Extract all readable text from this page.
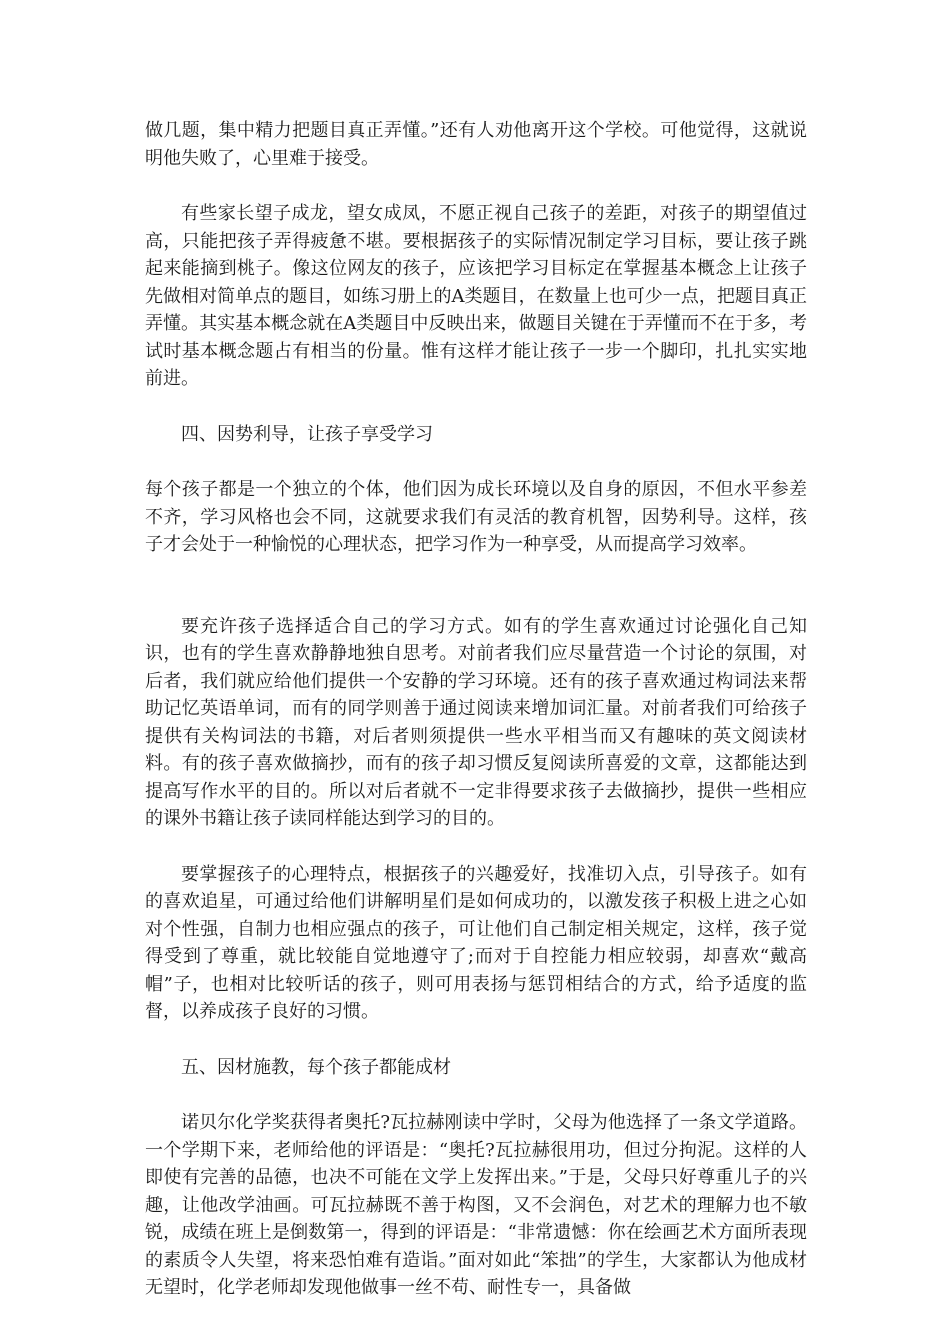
做几题，集中精力把题目真正弄懂。”还有人劝他离开这个学校。可他觉得，这就说明他失败了，心里难于接受。

有些家长望子成龙，望女成凤，不愿正视自己孩子的差距，对孩子的期望值过高，只能把孩子弄得疲惫不堪。要根据孩子的实际情况制定学习目标，要让孩子跳起来能摘到桃子。像这位网友的孩子，应该把学习目标定在掌握基本概念上让孩子先做相对简单点的题目，如练习册上的A类题目，在数量上也可少一点，把题目真正弄懂。其实基本概念就在A类题目中反映出来，做题目关键在于弄懂而不在于多，考试时基本概念题占有相当的份量。惟有这样才能让孩子一步一个脚印，扎扎实实地前进。

四、因势利导，让孩子享受学习

每个孩子都是一个独立的个体，他们因为成长环境以及自身的原因，不但水平参差不齐，学习风格也会不同，这就要求我们有灵活的教育机智，因势利导。这样，孩子才会处于一种愉悦的心理状态，把学习作为一种享受，从而提高学习效率。

要充许孩子选择适合自己的学习方式。如有的学生喜欢通过讨论强化自己知识，也有的学生喜欢静静地独自思考。对前者我们应尽量营造一个讨论的氛围，对后者，我们就应给他们提供一个安静的学习环境。还有的孩子喜欢通过构词法来帮助记忆英语单词，而有的同学则善于通过阅读来增加词汇量。对前者我们可给孩子提供有关构词法的书籍，对后者则须提供一些水平相当而又有趣味的英文阅读材料。有的孩子喜欢做摘抄，而有的孩子却习惯反复阅读所喜爱的文章，这都能达到提高写作水平的目的。所以对后者就不一定非得要求孩子去做摘抄，提供一些相应的课外书籍让孩子读同样能达到学习的目的。

要掌握孩子的心理特点，根据孩子的兴趣爱好，找准切入点，引导孩子。如有的喜欢追星，可通过给他们讲解明星们是如何成功的，以激发孩子积极上进之心如对个性强，自制力也相应强点的孩子，可让他们自己制定相关规定，这样，孩子觉得受到了尊重，就比较能自觉地遵守了;而对于自控能力相应较弱，却喜欢“戴高帽”子，也相对比较听话的孩子，则可用表扬与惩罚相结合的方式，给予适度的监督，以养成孩子良好的习惯。

五、因材施教，每个孩子都能成材

诺贝尔化学奖获得者奥托?瓦拉赫刚读中学时，父母为他选择了一条文学道路。一个学期下来，老师给他的评语是：“奥托?瓦拉赫很用功，但过分拘泥。这样的人即使有完善的品德，也决不可能在文学上发挥出来。”于是，父母只好尊重儿子的兴趣，让他改学油画。可瓦拉赫既不善于构图，又不会润色，对艺术的理解力也不敏锐，成绩在班上是倒数第一，得到的评语是：“非常遗憾：你在绘画艺术方面所表现的素质令人失望，将来恐怕难有造诣。”面对如此“笨拙”的学生，大家都认为他成材无望时，化学老师却发现他做事一丝不苟、耐性专一，具备做
